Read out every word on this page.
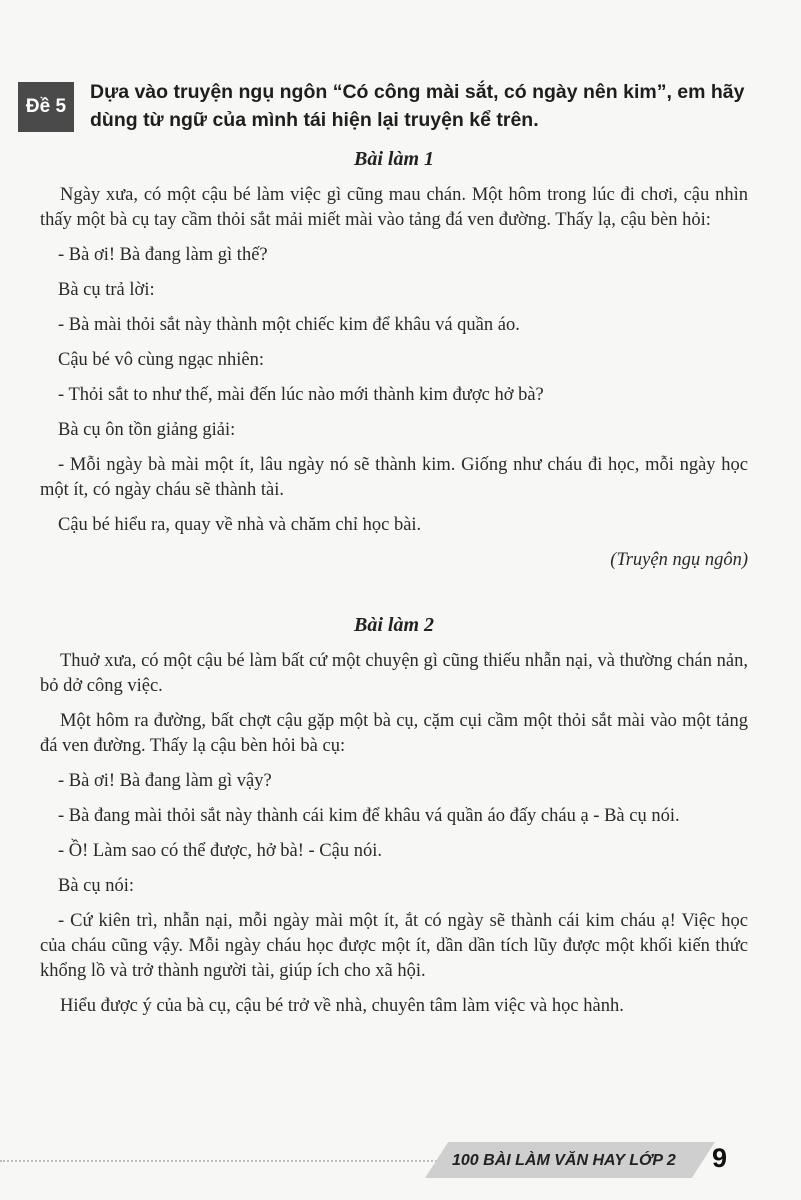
Đề 5
Dựa vào truyện ngụ ngôn “Có công mài sắt, có ngày nên kim”, em hãy dùng từ ngữ của mình tái hiện lại truyện kể trên.
Bài làm 1

Ngày xưa, có một cậu bé làm việc gì cũng mau chán. Một hôm trong lúc đi chơi, cậu nhìn thấy một bà cụ tay cầm thỏi sắt mải miết mài vào tảng đá ven đường. Thấy lạ, cậu bèn hỏi:

- Bà ơi! Bà đang làm gì thế?

Bà cụ trả lời:

- Bà mài thỏi sắt này thành một chiếc kim để khâu vá quần áo.

Cậu bé vô cùng ngạc nhiên:

- Thỏi sắt to như thế, mài đến lúc nào mới thành kim được hở bà?

Bà cụ ôn tồn giảng giải:

- Mỗi ngày bà mài một ít, lâu ngày nó sẽ thành kim. Giống như cháu đi học, mỗi ngày học một ít, có ngày cháu sẽ thành tài.

Cậu bé hiểu ra, quay về nhà và chăm chỉ học bài.

(Truyện ngụ ngôn)

Bài làm 2

Thuở xưa, có một cậu bé làm bất cứ một chuyện gì cũng thiếu nhẫn nại, và thường chán nản, bỏ dở công việc.

Một hôm ra đường, bất chợt cậu gặp một bà cụ, cặm cụi cầm một thỏi sắt mài vào một tảng đá ven đường. Thấy lạ cậu bèn hỏi bà cụ:

- Bà ơi! Bà đang làm gì vậy?

- Bà đang mài thỏi sắt này thành cái kim để khâu vá quần áo đấy cháu ạ - Bà cụ nói.

- Ồ! Làm sao có thể được, hở bà! - Cậu nói.

Bà cụ nói:

- Cứ kiên trì, nhẫn nại, mỗi ngày mài một ít, ắt có ngày sẽ thành cái kim cháu ạ! Việc học của cháu cũng vậy. Mỗi ngày cháu học được một ít, dần dần tích lũy được một khối kiến thức khổng lồ và trở thành người tài, giúp ích cho xã hội.

Hiểu được ý của bà cụ, cậu bé trở về nhà, chuyên tâm làm việc và học hành.

100 BÀI LÀM VĂN HAY LỚP 2 9
